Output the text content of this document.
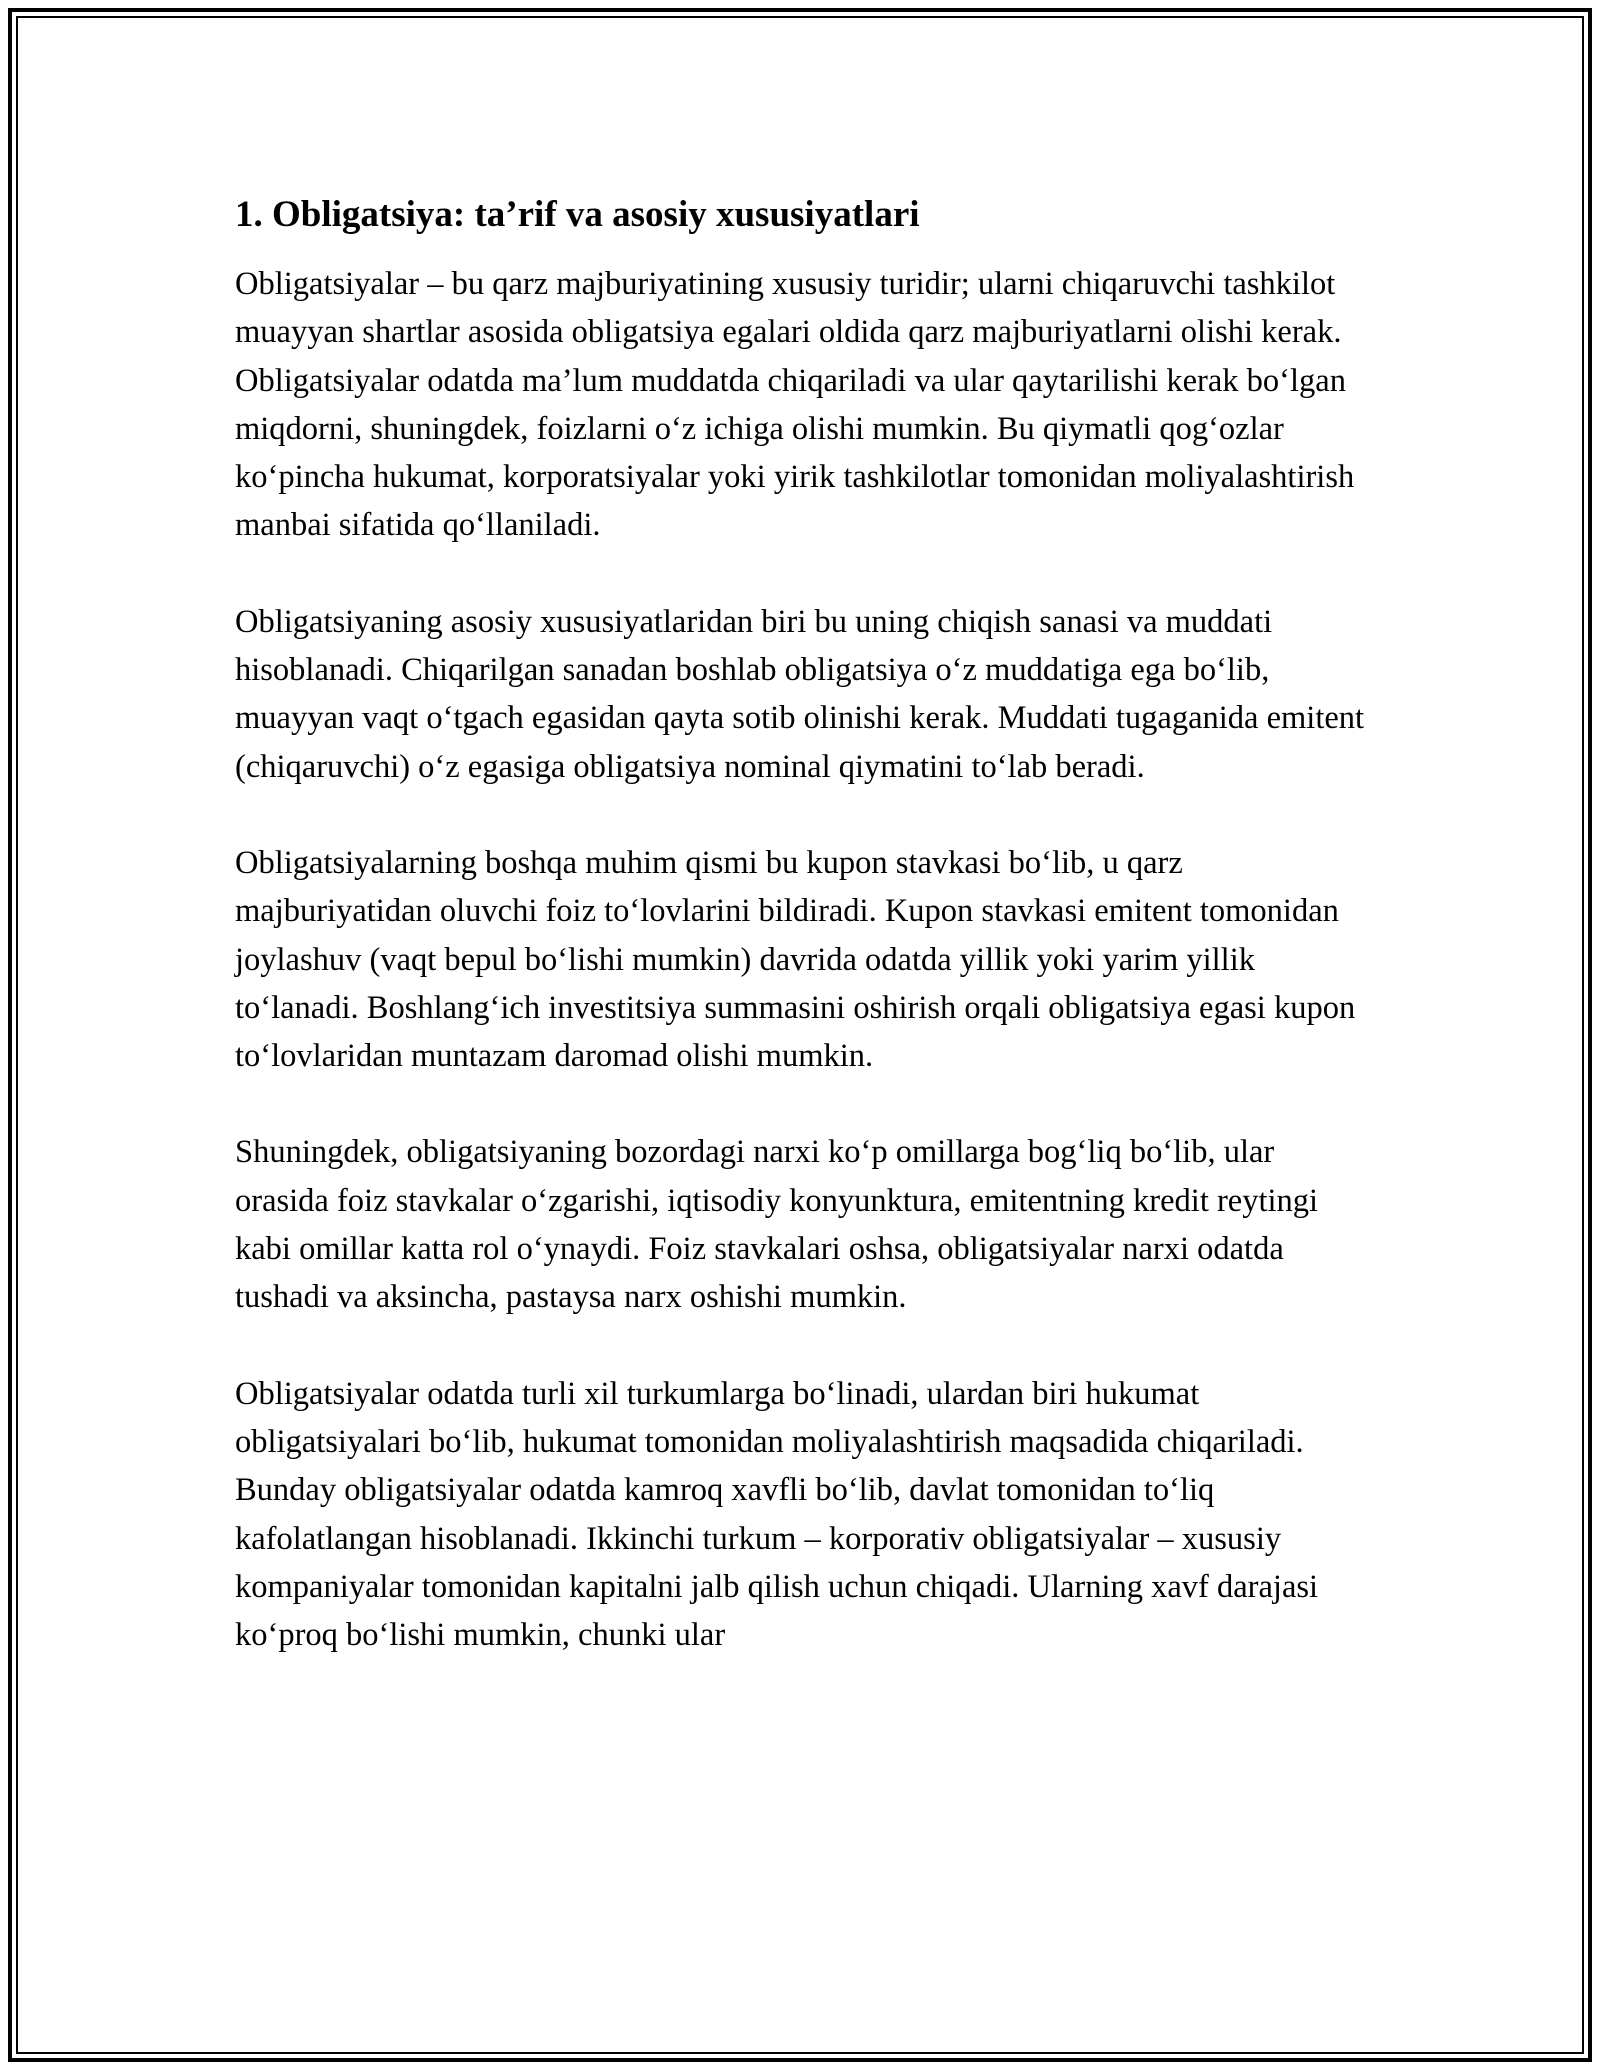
1. Obligatsiya: ta’rif va asosiy xususiyatlari

Obligatsiyalar – bu qarz majburiyatining xususiy turidir; ularni chiqaruvchi tashkilot muayyan shartlar asosida obligatsiya egalari oldida qarz majburiyatlarni olishi kerak. Obligatsiyalar odatda ma’lum muddatda chiqariladi va ular qaytarilishi kerak bo‘lgan miqdorni, shuningdek, foizlarni o‘z ichiga olishi mumkin. Bu qiymatli qog‘ozlar ko‘pincha hukumat, korporatsiyalar yoki yirik tashkilotlar tomonidan moliyalashtirish manbai sifatida qo‘llaniladi.

Obligatsiyaning asosiy xususiyatlaridan biri bu uning chiqish sanasi va muddati hisoblanadi. Chiqarilgan sanadan boshlab obligatsiya o‘z muddatiga ega bo‘lib, muayyan vaqt o‘tgach egasidan qayta sotib olinishi kerak. Muddati tugaganida emitent (chiqaruvchi) o‘z egasiga obligatsiya nominal qiymatini to‘lab beradi.

Obligatsiyalarning boshqa muhim qismi bu kupon stavkasi bo‘lib, u qarz majburiyatidan oluvchi foiz to‘lovlarini bildiradi. Kupon stavkasi emitent tomonidan joylashuv (vaqt bepul bo‘lishi mumkin) davrida odatda yillik yoki yarim yillik to‘lanadi. Boshlang‘ich investitsiya summasini oshirish orqali obligatsiya egasi kupon to‘lovlaridan muntazam daromad olishi mumkin.

Shuningdek, obligatsiyaning bozordagi narxi ko‘p omillarga bog‘liq bo‘lib, ular orasida foiz stavkalar o‘zgarishi, iqtisodiy konyunktura, emitentning kredit reytingi kabi omillar katta rol o‘ynaydi. Foiz stavkalari oshsa, obligatsiyalar narxi odatda tushadi va aksincha, pastaysa narx oshishi mumkin.

Obligatsiyalar odatda turli xil turkumlarga bo‘linadi, ulardan biri hukumat obligatsiyalari bo‘lib, hukumat tomonidan moliyalashtirish maqsadida chiqariladi. Bunday obligatsiyalar odatda kamroq xavfli bo‘lib, davlat tomonidan to‘liq kafolatlangan hisoblanadi. Ikkinchi turkum – korporativ obligatsiyalar – xususiy kompaniyalar tomonidan kapitalni jalb qilish uchun chiqadi. Ularning xavf darajasi ko‘proq bo‘lishi mumkin, chunki ular
